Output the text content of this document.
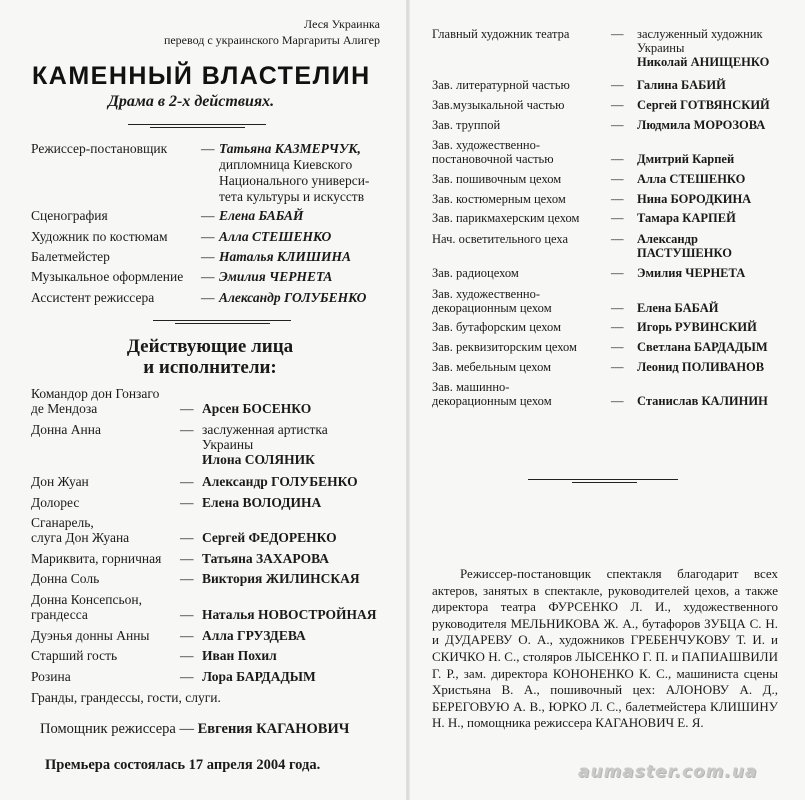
Леся Украинка
перевод с украинского Маргариты Алигер
КАМЕННЫЙ ВЛАСТЕЛИН
Драма в 2-х действиях.
Режиссер-постановщик	— Татьяна КАЗМЕРЧУК,
дипломница Киевского
Национального универси-
тета культуры и искусств
Сценография	— Елена БАБАЙ
Художник по костюмам — Алла СТЕШЕНКО
Балетмейстер	— Наталья КЛИШИНА
Музыкальное оформление — Эмилия ЧЕРНЕТА
Ассистент режиссера	— Александр ГОЛУБЕНКО
Действующие лица
и исполнители:
Командор дон Гонзаго
де Мендоза	— Арсен БОСЕНКО
Донна Анна	— заслуженная артистка
Украины
Илона СОЛЯНИК
Дон Жуан	— Александр ГОЛУБЕНКО
Долорес	— Елена ВОЛОДИНА
Сганарель,
слуга Дон Жуана	— Сергей ФЕДОРЕНКО
Мариквита, горничная	— Татьяна ЗАХАРОВА
Донна Соль	— Виктория ЖИЛИНСКАЯ
Донна Консепсьон,
грандесса	— Наталья НОВОСТРОЙНАЯ
Дуэнья донны Анны	— Алла ГРУЗДЕВА
Старший гость	— Иван Похил
Розина	— Лора БАРДАДЫМ
Гранды, грандессы, гости, слуги.
Помощник режиссера — Евгения КАГАНОВИЧ
Премьера состоялась 17 апреля 2004 года.
Главный художник театра	— заслуженный художник
Украины
Николай АНИЩЕНКО
Зав. литературной частью	— Галина БАБИЙ
Зав.музыкальной частью	— Сергей ГОТВЯНСКИЙ
Зав. труппой	— Людмила МОРОЗОВА
Зав. художественно-
постановочной частью	— Дмитрий Карпей
Зав. пошивочным цехом	— Алла СТЕШЕНКО
Зав. костюмерным цехом	— Нина БОРОДКИНА
Зав. парикмахерским цехом	— Тамара КАРПЕЙ
Нач. осветительного цеха	— Александр
ПАСТУШЕНКО
Зав. радиоцехом	— Эмилия ЧЕРНЕТА
Зав. художественно-
декорационным цехом	— Елена БАБАЙ
Зав. бутафорским цехом	— Игорь РУВИНСКИЙ
Зав. реквизиторским цехом	— Светлана БАРДАДЫМ
Зав. мебельным цехом	— Леонид ПОЛИВАНОВ
Зав. машинно-
декорационным цехом	— Станислав КАЛИНИН
Режиссер-постановщик спектакля благодарит всех актеров, занятых в спектакле, руководителей цехов, а также директора театра ФУРСЕНКО Л. И., художественного руководителя МЕЛЬНИКОВА Ж. А., бутафоров ЗУБЦА С. Н. и ДУДАРЕВУ О. А., художников ГРЕБЕНЧУКОВУ Т. И. и СКИЧКО Н. С., столяров ЛЫСЕНКО Г. П. и ПАПИАШВИЛИ Г. Р., зам. директора КОНОНЕНКО К. С., машиниста сцены Христьяна В. А., пошивочный цех: АЛОНОВУ А. Д., БЕРЕГОВУЮ А. В., ЮРКО Л. С., балетмейстера КЛИШИНУ Н. Н., помощника режиссера КАГАНОВИЧ Е. Я.
aumaster.com.ua
